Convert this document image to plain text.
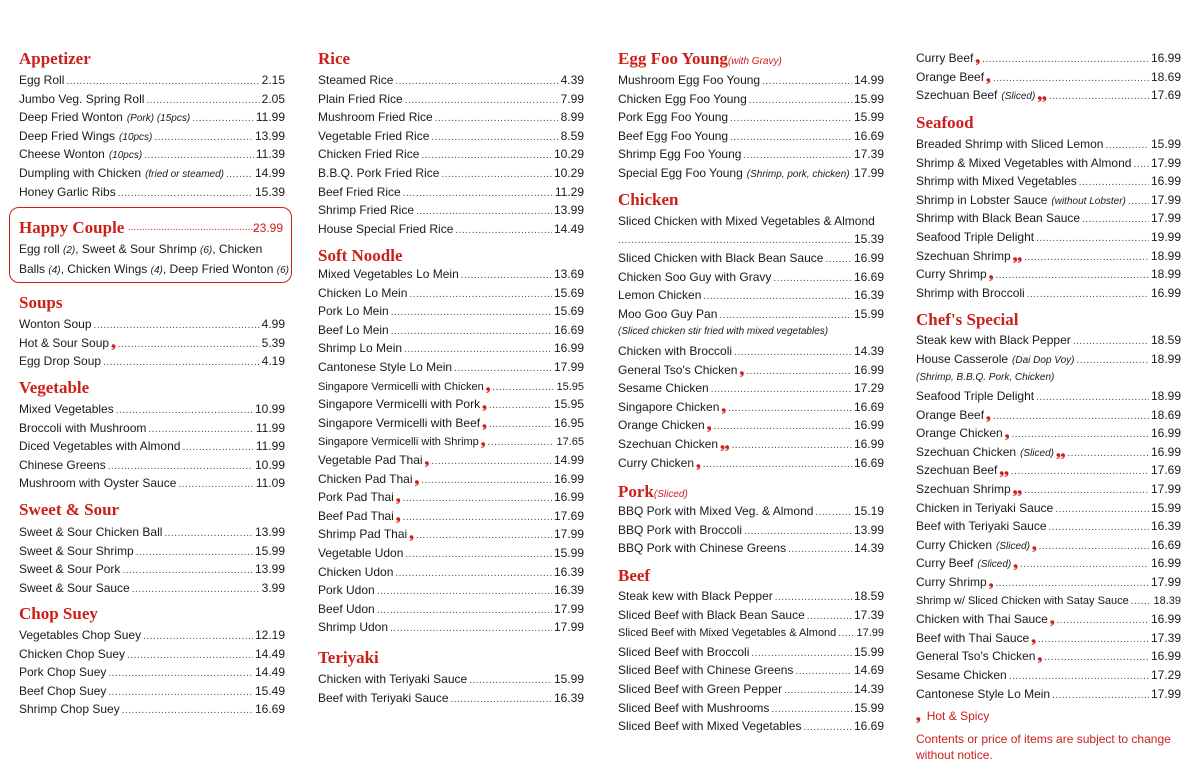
Appetizer
Egg Roll .....	2.15
Jumbo Veg. Spring Roll .....	2.05
Deep Fried Wonton (Pork) (15pcs) .....	11.99
Deep Fried Wings (10pcs) .....	13.99
Cheese Wonton (10pcs) .....	11.39
Dumpling with Chicken (fried or steamed) .....	14.99
Honey Garlic Ribs .....	15.39
Soups
Wonton Soup .....	4.99
Hot & Sour Soup ❟ .....	5.39
Egg Drop Soup .....	4.19
Vegetable
Mixed Vegetables .....	10.99
Broccoli with Mushroom .....	11.99
Diced Vegetables with Almond .....	11.99
Chinese Greens .....	10.99
Mushroom with Oyster Sauce .....	11.09
Sweet & Sour
Sweet & Sour Chicken Ball .....	13.99
Sweet & Sour Shrimp .....	15.99
Sweet & Sour Pork .....	13.99
Sweet & Sour Sauce .....	3.99
Chop Suey
Vegetables Chop Suey .....	12.19
Chicken Chop Suey .....	14.49
Pork Chop Suey .....	14.49
Beef Chop Suey .....	15.49
Shrimp Chop Suey .....	16.69
Rice
Steamed Rice .....	4.39
Plain Fried Rice .....	7.99
Mushroom Fried Rice .....	8.99
Vegetable Fried Rice .....	8.59
Chicken Fried Rice .....	10.29
B.B.Q. Pork Fried Rice .....	10.29
Beef Fried Rice .....	11.29
Shrimp Fried Rice .....	13.99
House Special Fried Rice .....	14.49
Soft Noodle
Mixed Vegetables Lo Mein .....	13.69
Chicken Lo Mein .....	15.69
Pork Lo Mein .....	15.69
Beef Lo Mein .....	16.69
Shrimp Lo Mein .....	16.99
Cantonese Style Lo Mein .....	17.99
Singapore Vermicelli with Chicken ❟ .....	15.95
Singapore Vermicelli with Pork ❟ .....	15.95
Singapore Vermicelli with Beef ❟ .....	16.95
Singapore Vermicelli with Shrimp ❟ .....	17.65
Vegetable Pad Thai ❟ .....	14.99
Chicken Pad Thai ❟ .....	16.99
Pork Pad Thai ❟ .....	16.99
Beef Pad Thai ❟ .....	17.69
Shrimp Pad Thai ❟ .....	17.99
Vegetable Udon .....	15.99
Chicken Udon .....	16.39
Pork Udon .....	16.39
Beef Udon .....	17.99
Shrimp Udon .....	17.99
Teriyaki
Chicken with Teriyaki Sauce .....	15.99
Beef with Teriyaki Sauce .....	16.39
Egg Foo Young(with Gravy)
Mushroom Egg Foo Young .....	14.99
Chicken Egg Foo Young .....	15.99
Pork Egg Foo Young .....	15.99
Beef Egg Foo Young .....	16.69
Shrimp Egg Foo Young .....	17.39
Special Egg Foo Young (Shrimp, pork, chicken) ..... 17.99
Chicken
Sliced Chicken with Mixed Vegetables & Almond
.....
15.39
Sliced Chicken with Black Bean Sauce .....	16.99
Chicken Soo Guy with Gravy .....	16.69
Lemon Chicken .....	16.39
Moo Goo Guy Pan .....	15.99
(Sliced chicken stir fried with mixed vegetables)
Chicken with Broccoli .....	14.39
General Tso's Chicken ❟ .....	16.99
Sesame Chicken .....	17.29
Singapore Chicken ❟ .....	16.69
Orange Chicken ❟ .....	16.99
Szechuan Chicken ❟❟ .....	16.99
Curry Chicken ❟ .....	16.69
Pork(Sliced)
BBQ Pork with Mixed Veg. & Almond .....	15.19
BBQ Pork with Broccoli .....	13.99
BBQ Pork with Chinese Greens .....	14.39
Beef
Steak kew with Black Pepper .....	18.59
Sliced Beef with Black Bean Sauce .....	17.39
Sliced Beef with Mixed Vegetables & Almond ..... 17.99
Sliced Beef with Broccoli .....	15.99
Sliced Beef with Chinese Greens .....	14.69
Sliced Beef with Green Pepper .....	14.39
Sliced Beef with Mushrooms .....	15.99
Sliced Beef with Mixed Vegetables .....	16.69
Curry Beef ❟ .....	16.99
Orange Beef ❟ .....	18.69
Szechuan Beef (Sliced) ❟❟ .....	17.69
Seafood
Breaded Shrimp with Sliced Lemon .....	15.99
Shrimp & Mixed Vegetables with Almond ..... 17.99
Shrimp with Mixed Vegetables .....	16.99
Shrimp in Lobster Sauce (without Lobster) ..... 17.99
Shrimp with Black Bean Sauce .....	17.99
Seafood Triple Delight .....	19.99
Szechuan Shrimp ❟❟ .....	18.99
Curry Shrimp ❟ .....	18.99
Shrimp with Broccoli .....	16.99
Chef's Special
Steak kew with Black Pepper .....	18.59
House Casserole (Dai Dop Voy) .....	18.99
(Shrimp, B.B.Q. Pork, Chicken)
Seafood Triple Delight .....	18.99
Orange Beef ❟ .....	18.69
Orange Chicken ❟ .....	16.99
Szechuan Chicken (Sliced) ❟❟ .....	16.99
Szechuan Beef ❟❟ .....	17.69
Szechuan Shrimp ❟❟ .....	17.99
Chicken in Teriyaki Sauce .....	15.99
Beef with Teriyaki Sauce .....	16.39
Curry Chicken (Sliced) ❟ .....	16.69
Curry Beef (Sliced) ❟ .....	16.99
Curry Shrimp ❟ .....	17.99
Shrimp w/ Sliced Chicken with Satay Sauce ..... 18.39
Chicken with Thai Sauce ❟ .....	16.99
Beef with Thai Sauce ❟ .....	17.39
General Tso's Chicken ❟ .....	16.99
Sesame Chicken .....	17.29
Cantonese Style Lo Mein .....	17.99
Happy Couple .....	23.99
Egg roll (2), Sweet & Sour Shrimp (6), Chicken
Balls (4), Chicken Wings (4), Deep Fried Wonton (6)
❟ Hot & Spicy
Contents or price of items are subject to change without notice.
